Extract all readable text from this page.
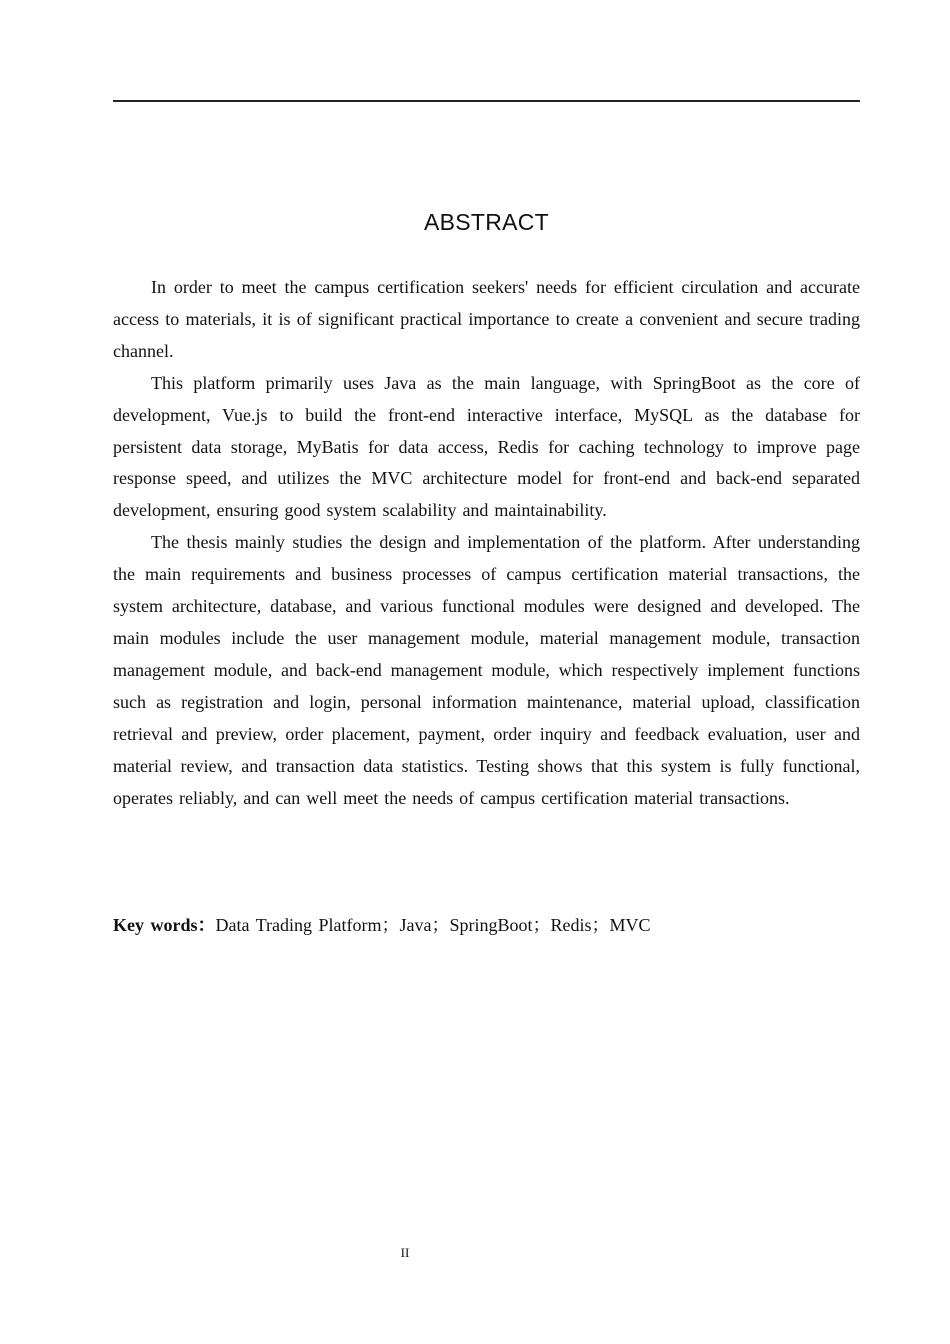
ABSTRACT

In order to meet the campus certification seekers' needs for efficient circulation and accurate access to materials, it is of significant practical importance to create a convenient and secure trading channel.

This platform primarily uses Java as the main language, with SpringBoot as the core of development, Vue.js to build the front-end interactive interface, MySQL as the database for persistent data storage, MyBatis for data access, Redis for caching technology to improve page response speed, and utilizes the MVC architecture model for front-end and back-end separated development, ensuring good system scalability and maintainability.

The thesis mainly studies the design and implementation of the platform. After understanding the main requirements and business processes of campus certification material transactions, the system architecture, database, and various functional modules were designed and developed. The main modules include the user management module, material management module, transaction management module, and back-end management module, which respectively implement functions such as registration and login, personal information maintenance, material upload, classification retrieval and preview, order placement, payment, order inquiry and feedback evaluation, user and material review, and transaction data statistics. Testing shows that this system is fully functional, operates reliably, and can well meet the needs of campus certification material transactions.

Key words：Data Trading Platform；Java；SpringBoot；Redis；MVC
II
